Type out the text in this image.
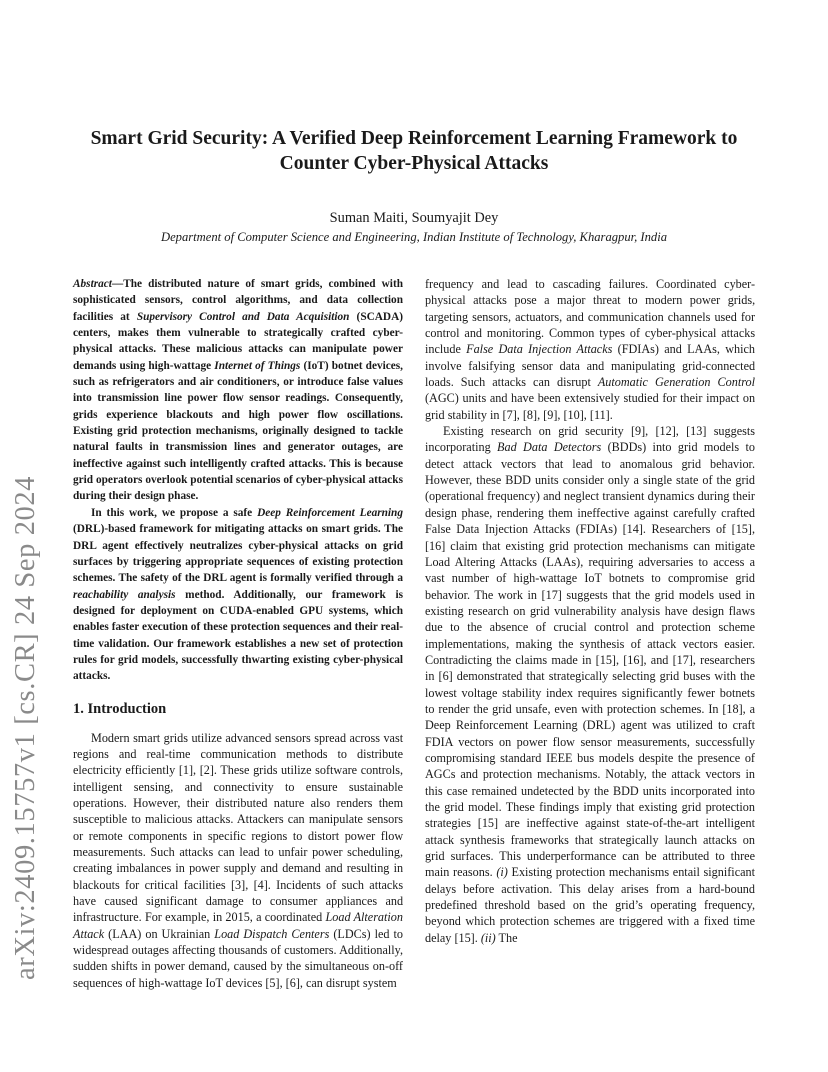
arXiv:2409.15757v1 [cs.CR] 24 Sep 2024
Smart Grid Security: A Verified Deep Reinforcement Learning Framework to
Counter Cyber-Physical Attacks
Suman Maiti, Soumyajit Dey
Department of Computer Science and Engineering, Indian Institute of Technology, Kharagpur, India

Abstract—The distributed nature of smart grids, combined with sophisticated sensors, control algorithms, and data collection facilities at Supervisory Control and Data Acquisition (SCADA) centers, makes them vulnerable to strategically crafted cyber-physical attacks. These malicious attacks can manipulate power demands using high-wattage Internet of Things (IoT) botnet devices, such as refrigerators and air conditioners, or introduce false values into transmission line power flow sensor readings. Consequently, grids experience blackouts and high power flow oscillations. Existing grid protection mechanisms, originally designed to tackle natural faults in transmission lines and generator outages, are ineffective against such intelligently crafted attacks. This is because grid operators overlook potential scenarios of cyber-physical attacks during their design phase.

In this work, we propose a safe Deep Reinforcement Learning (DRL)-based framework for mitigating attacks on smart grids. The DRL agent effectively neutralizes cyber-physical attacks on grid surfaces by triggering appropriate sequences of existing protection schemes. The safety of the DRL agent is formally verified through a reachability analysis method. Additionally, our framework is designed for deployment on CUDA-enabled GPU systems, which enables faster execution of these protection sequences and their real-time validation. Our framework establishes a new set of protection rules for grid models, successfully thwarting existing cyber-physical attacks.

1. Introduction

Modern smart grids utilize advanced sensors spread across vast regions and real-time communication methods to distribute electricity efficiently [1], [2]. These grids utilize software controls, intelligent sensing, and connectivity to ensure sustainable operations. However, their distributed nature also renders them susceptible to malicious attacks. Attackers can manipulate sensors or remote components in specific regions to distort power flow measurements. Such attacks can lead to unfair power scheduling, creating imbalances in power supply and demand and resulting in blackouts for critical facilities [3], [4]. Incidents of such attacks have caused significant damage to consumer appliances and infrastructure. For example, in 2015, a coordinated Load Alteration Attack (LAA) on Ukrainian Load Dispatch Centers (LDCs) led to widespread outages affecting thousands of customers. Additionally, sudden shifts in power demand, caused by the simultaneous on-off sequences of high-wattage IoT devices [5], [6], can disrupt system

frequency and lead to cascading failures. Coordinated cyber-physical attacks pose a major threat to modern power grids, targeting sensors, actuators, and communication channels used for control and monitoring. Common types of cyber-physical attacks include False Data Injection Attacks (FDIAs) and LAAs, which involve falsifying sensor data and manipulating grid-connected loads. Such attacks can disrupt Automatic Generation Control (AGC) units and have been extensively studied for their impact on grid stability in [7], [8], [9], [10], [11].

Existing research on grid security [9], [12], [13] suggests incorporating Bad Data Detectors (BDDs) into grid models to detect attack vectors that lead to anomalous grid behavior. However, these BDD units consider only a single state of the grid (operational frequency) and neglect transient dynamics during their design phase, rendering them ineffective against carefully crafted False Data Injection Attacks (FDIAs) [14]. Researchers of [15], [16] claim that existing grid protection mechanisms can mitigate Load Altering Attacks (LAAs), requiring adversaries to access a vast number of high-wattage IoT botnets to compromise grid behavior. The work in [17] suggests that the grid models used in existing research on grid vulnerability analysis have design flaws due to the absence of crucial control and protection scheme implementations, making the synthesis of attack vectors easier. Contradicting the claims made in [15], [16], and [17], researchers in [6] demonstrated that strategically selecting grid buses with the lowest voltage stability index requires significantly fewer botnets to render the grid unsafe, even with protection schemes. In [18], a Deep Reinforcement Learning (DRL) agent was utilized to craft FDIA vectors on power flow sensor measurements, successfully compromising standard IEEE bus models despite the presence of AGCs and protection mechanisms. Notably, the attack vectors in this case remained undetected by the BDD units incorporated into the grid model. These findings imply that existing grid protection strategies [15] are ineffective against state-of-the-art intelligent attack synthesis frameworks that strategically launch attacks on grid surfaces. This underperformance can be attributed to three main reasons. (i) Existing protection mechanisms entail significant delays before activation. This delay arises from a hard-bound predefined threshold based on the grid’s operating frequency, beyond which protection schemes are triggered with a fixed time delay [15]. (ii) The
